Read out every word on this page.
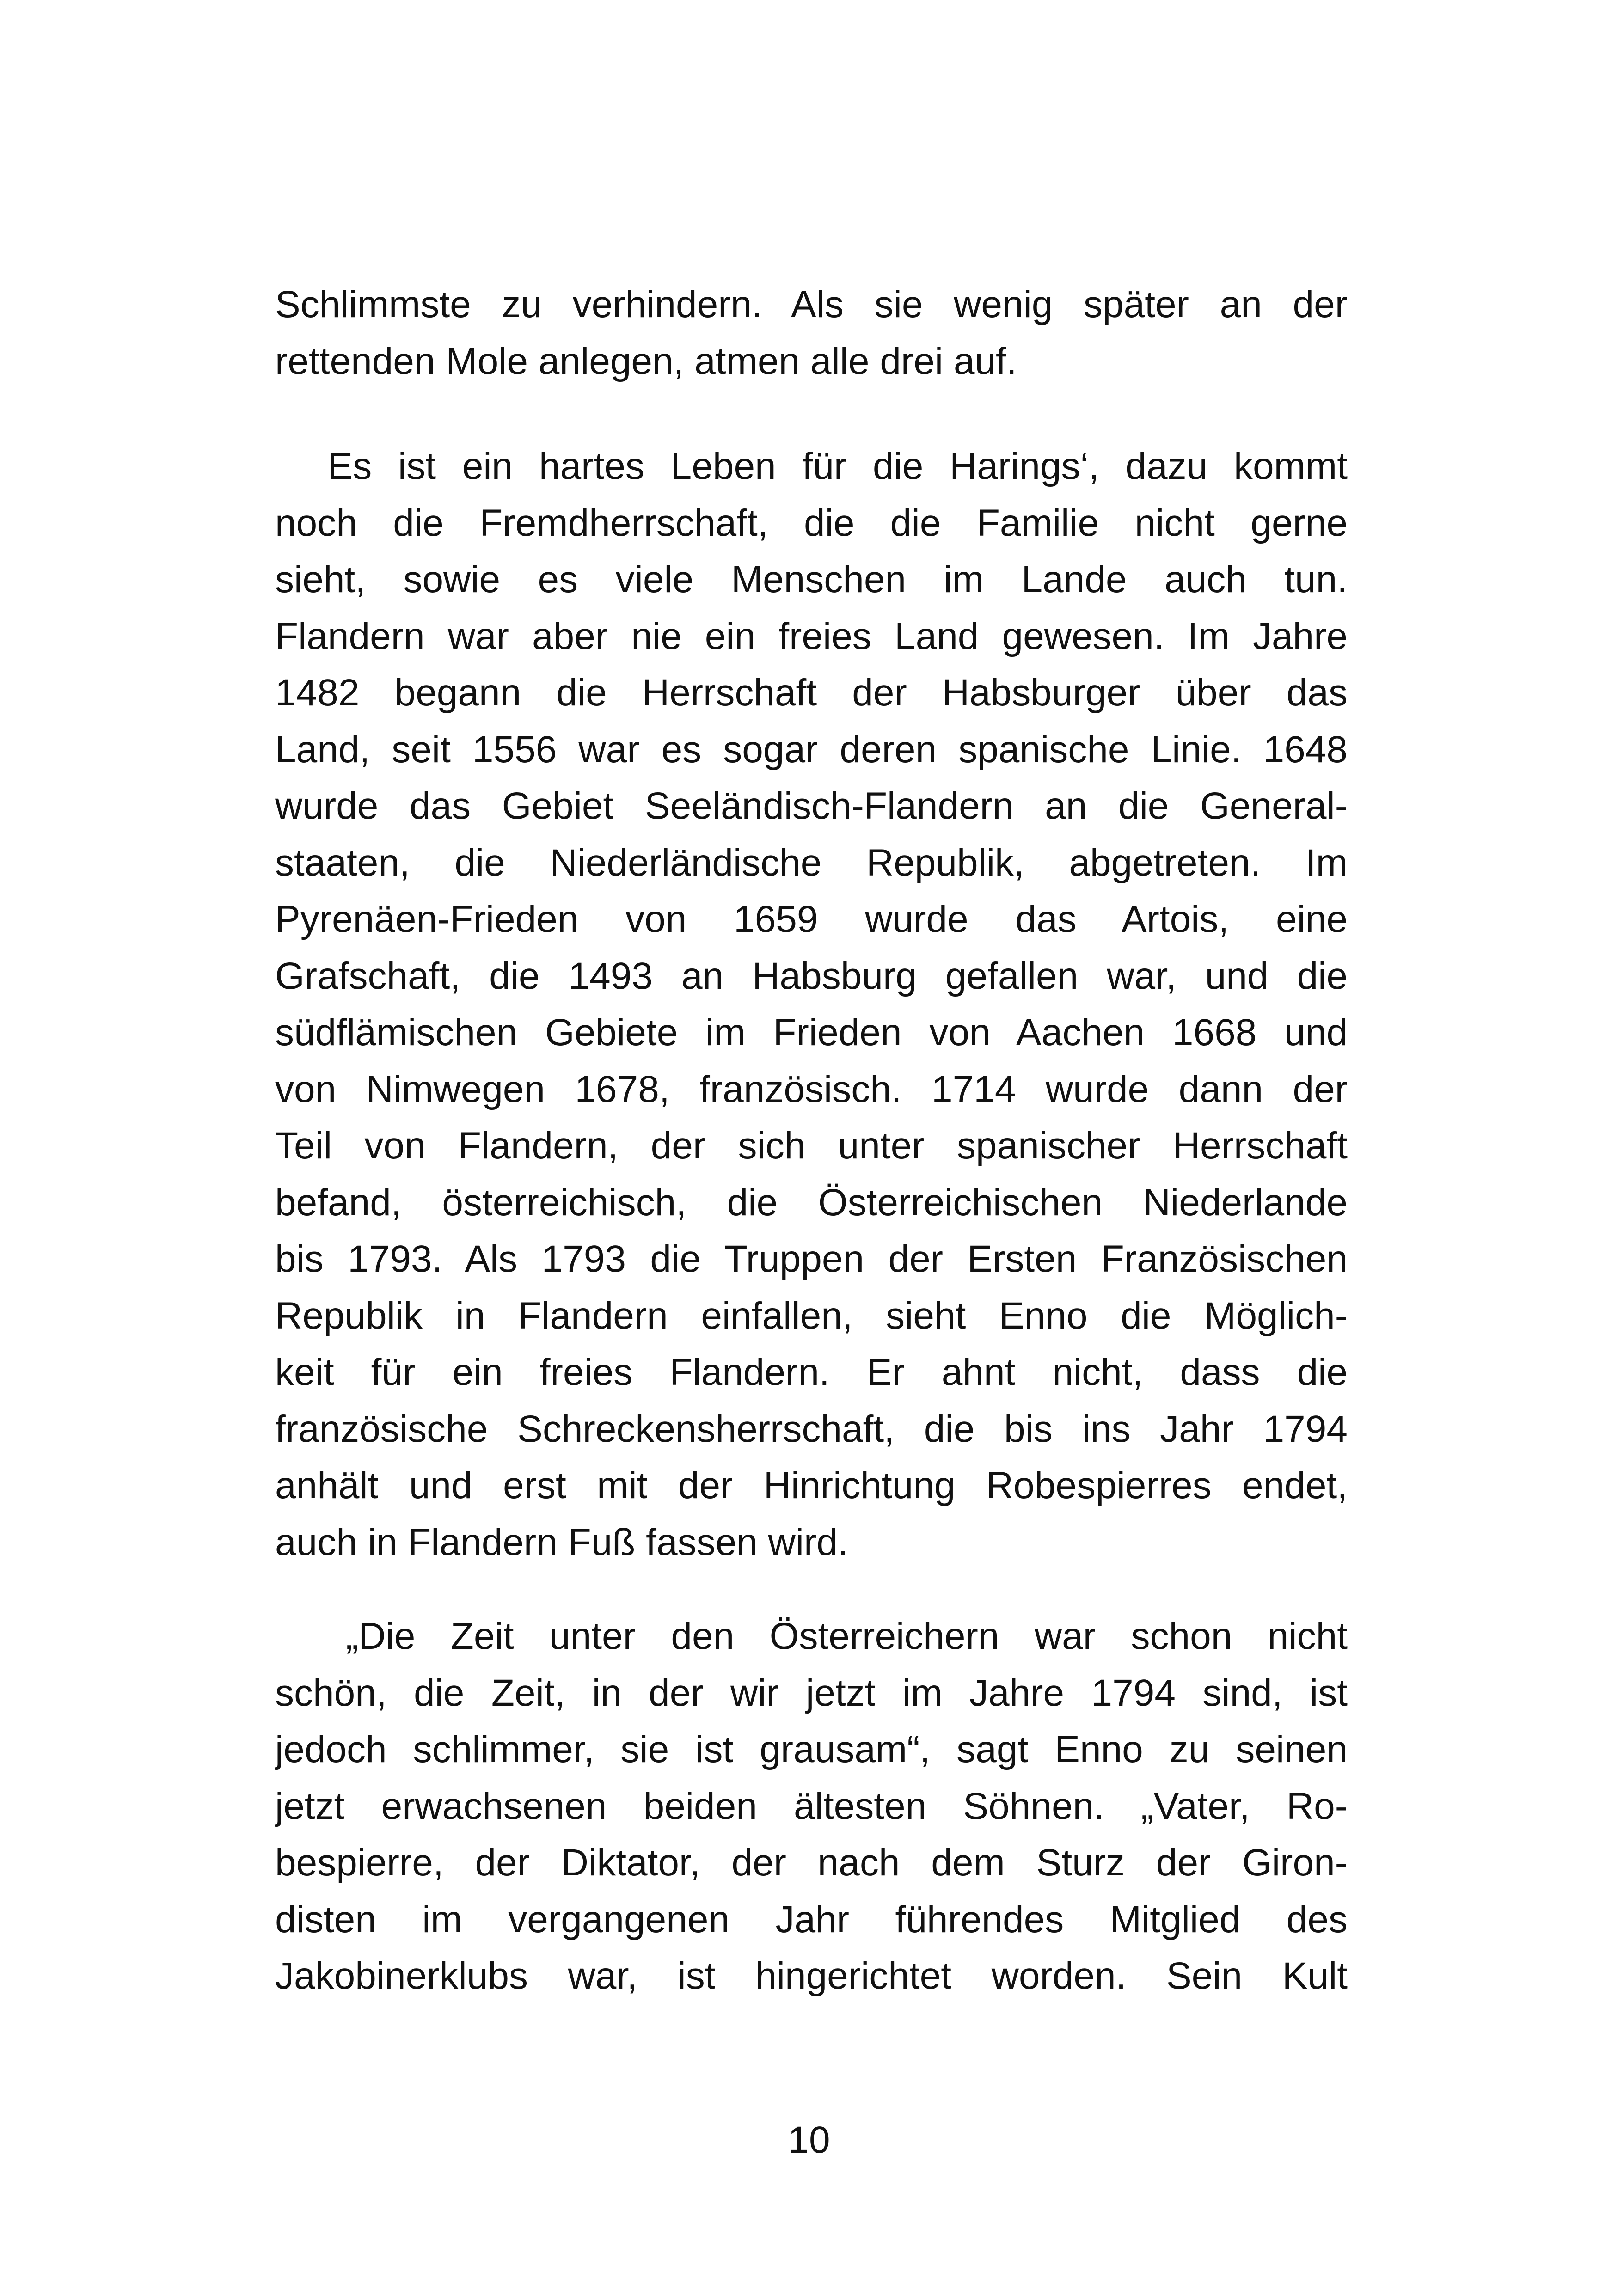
Schlimmste zu verhindern. Als sie wenig später an der
rettenden Mole anlegen, atmen alle drei auf.
Es ist ein hartes Leben für die Harings‘, dazu kommt
noch die Fremdherrschaft, die die Familie nicht gerne
sieht, sowie es viele Menschen im Lande auch tun.
Flandern war aber nie ein freies Land gewesen. Im Jahre
1482 begann die Herrschaft der Habsburger über das
Land, seit 1556 war es sogar deren spanische Linie. 1648
wurde das Gebiet Seeländisch-Flandern an die General-
staaten, die Niederländische Republik, abgetreten. Im
Pyrenäen-Frieden von 1659 wurde das Artois, eine
Grafschaft, die 1493 an Habsburg gefallen war, und die
südflämischen Gebiete im Frieden von Aachen 1668 und
von Nimwegen 1678, französisch. 1714 wurde dann der
Teil von Flandern, der sich unter spanischer Herrschaft
befand, österreichisch, die Österreichischen Niederlande
bis 1793. Als 1793 die Truppen der Ersten Französischen
Republik in Flandern einfallen, sieht Enno die Möglich-
keit für ein freies Flandern. Er ahnt nicht, dass die
französische Schreckensherrschaft, die bis ins Jahr 1794
anhält und erst mit der Hinrichtung Robespierres endet,
auch in Flandern Fuß fassen wird.
„Die Zeit unter den Österreichern war schon nicht
schön, die Zeit, in der wir jetzt im Jahre 1794 sind, ist
jedoch schlimmer, sie ist grausam“, sagt Enno zu seinen
jetzt erwachsenen beiden ältesten Söhnen. „Vater, Ro-
bespierre, der Diktator, der nach dem Sturz der Giron-
disten im vergangenen Jahr führendes Mitglied des
Jakobinerklubs war, ist hingerichtet worden. Sein Kult
10
